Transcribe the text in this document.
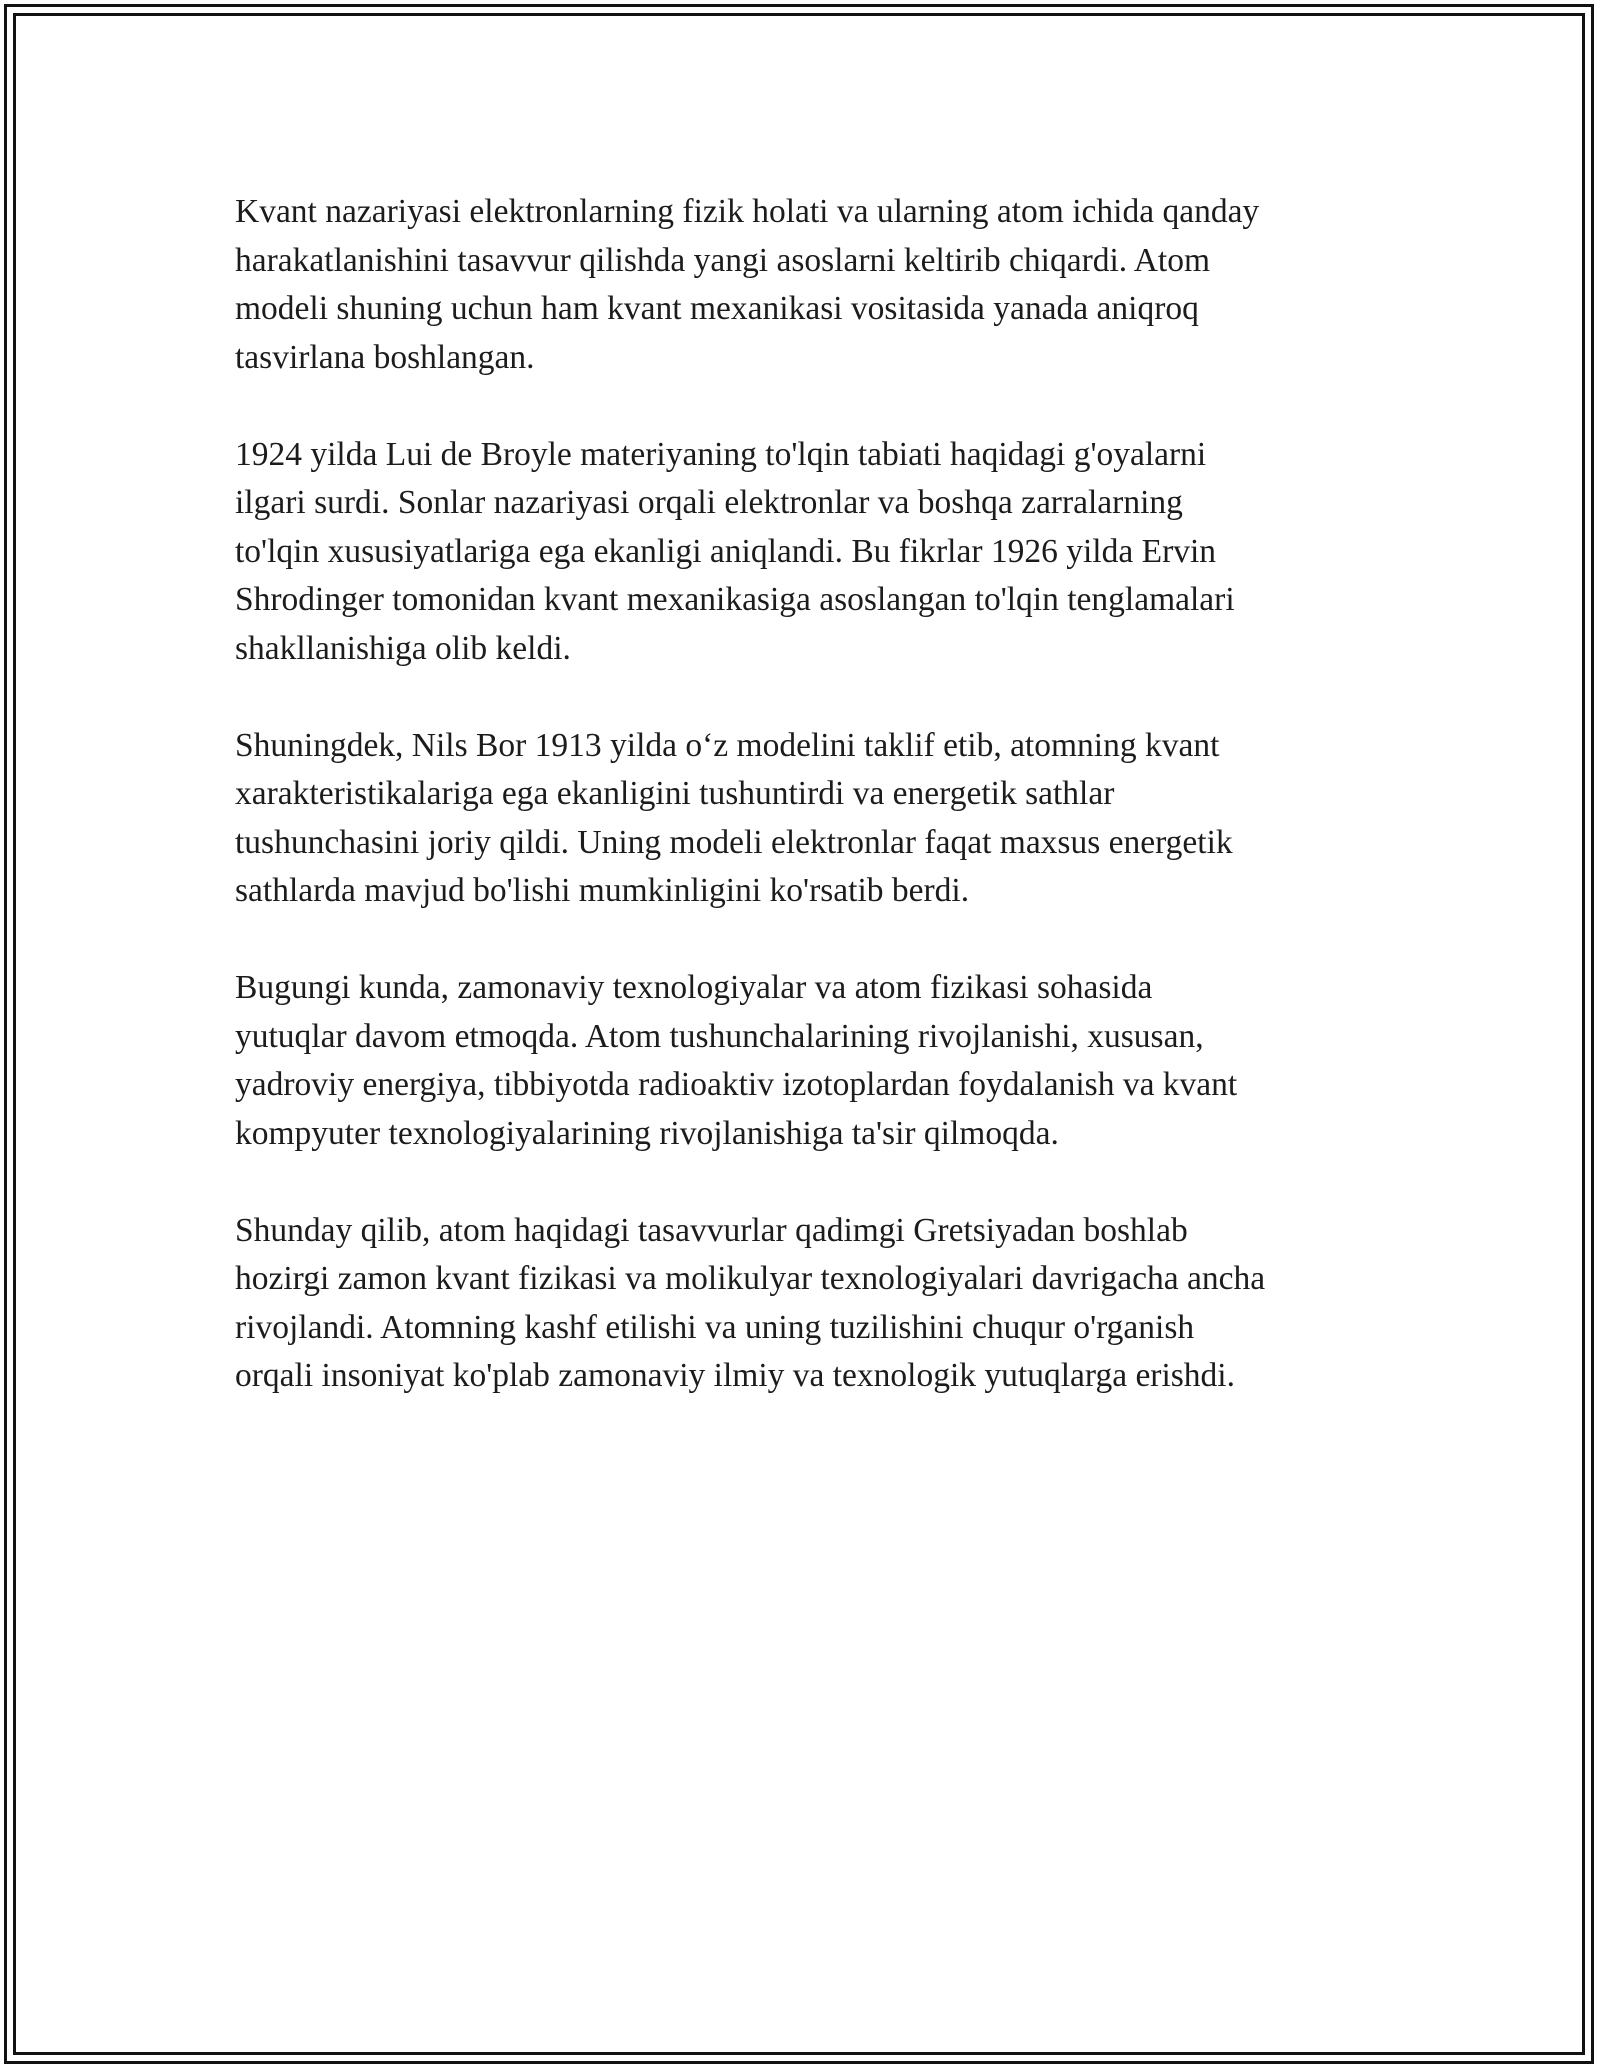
Kvant nazariyasi elektronlarning fizik holati va ularning atom ichida qanday
harakatlanishini tasavvur qilishda yangi asoslarni keltirib chiqardi. Atom
modeli shuning uchun ham kvant mexanikasi vositasida yanada aniqroq
tasvirlana boshlangan.

1924 yilda Lui de Broyle materiyaning to'lqin tabiati haqidagi g'oyalarni
ilgari surdi. Sonlar nazariyasi orqali elektronlar va boshqa zarralarning
to'lqin xususiyatlariga ega ekanligi aniqlandi. Bu fikrlar 1926 yilda Ervin
Shrodinger tomonidan kvant mexanikasiga asoslangan to'lqin tenglamalari
shakllanishiga olib keldi.

Shuningdek, Nils Bor 1913 yilda o‘z modelini taklif etib, atomning kvant
xarakteristikalariga ega ekanligini tushuntirdi va energetik sathlar
tushunchasini joriy qildi. Uning modeli elektronlar faqat maxsus energetik
sathlarda mavjud bo'lishi mumkinligini ko'rsatib berdi.

Bugungi kunda, zamonaviy texnologiyalar va atom fizikasi sohasida
yutuqlar davom etmoqda. Atom tushunchalarining rivojlanishi, xususan,
yadroviy energiya, tibbiyotda radioaktiv izotoplardan foydalanish va kvant
kompyuter texnologiyalarining rivojlanishiga ta'sir qilmoqda.

Shunday qilib, atom haqidagi tasavvurlar qadimgi Gretsiyadan boshlab
hozirgi zamon kvant fizikasi va molikulyar texnologiyalari davrigacha ancha
rivojlandi. Atomning kashf etilishi va uning tuzilishini chuqur o'rganish
orqali insoniyat ko'plab zamonaviy ilmiy va texnologik yutuqlarga erishdi.
